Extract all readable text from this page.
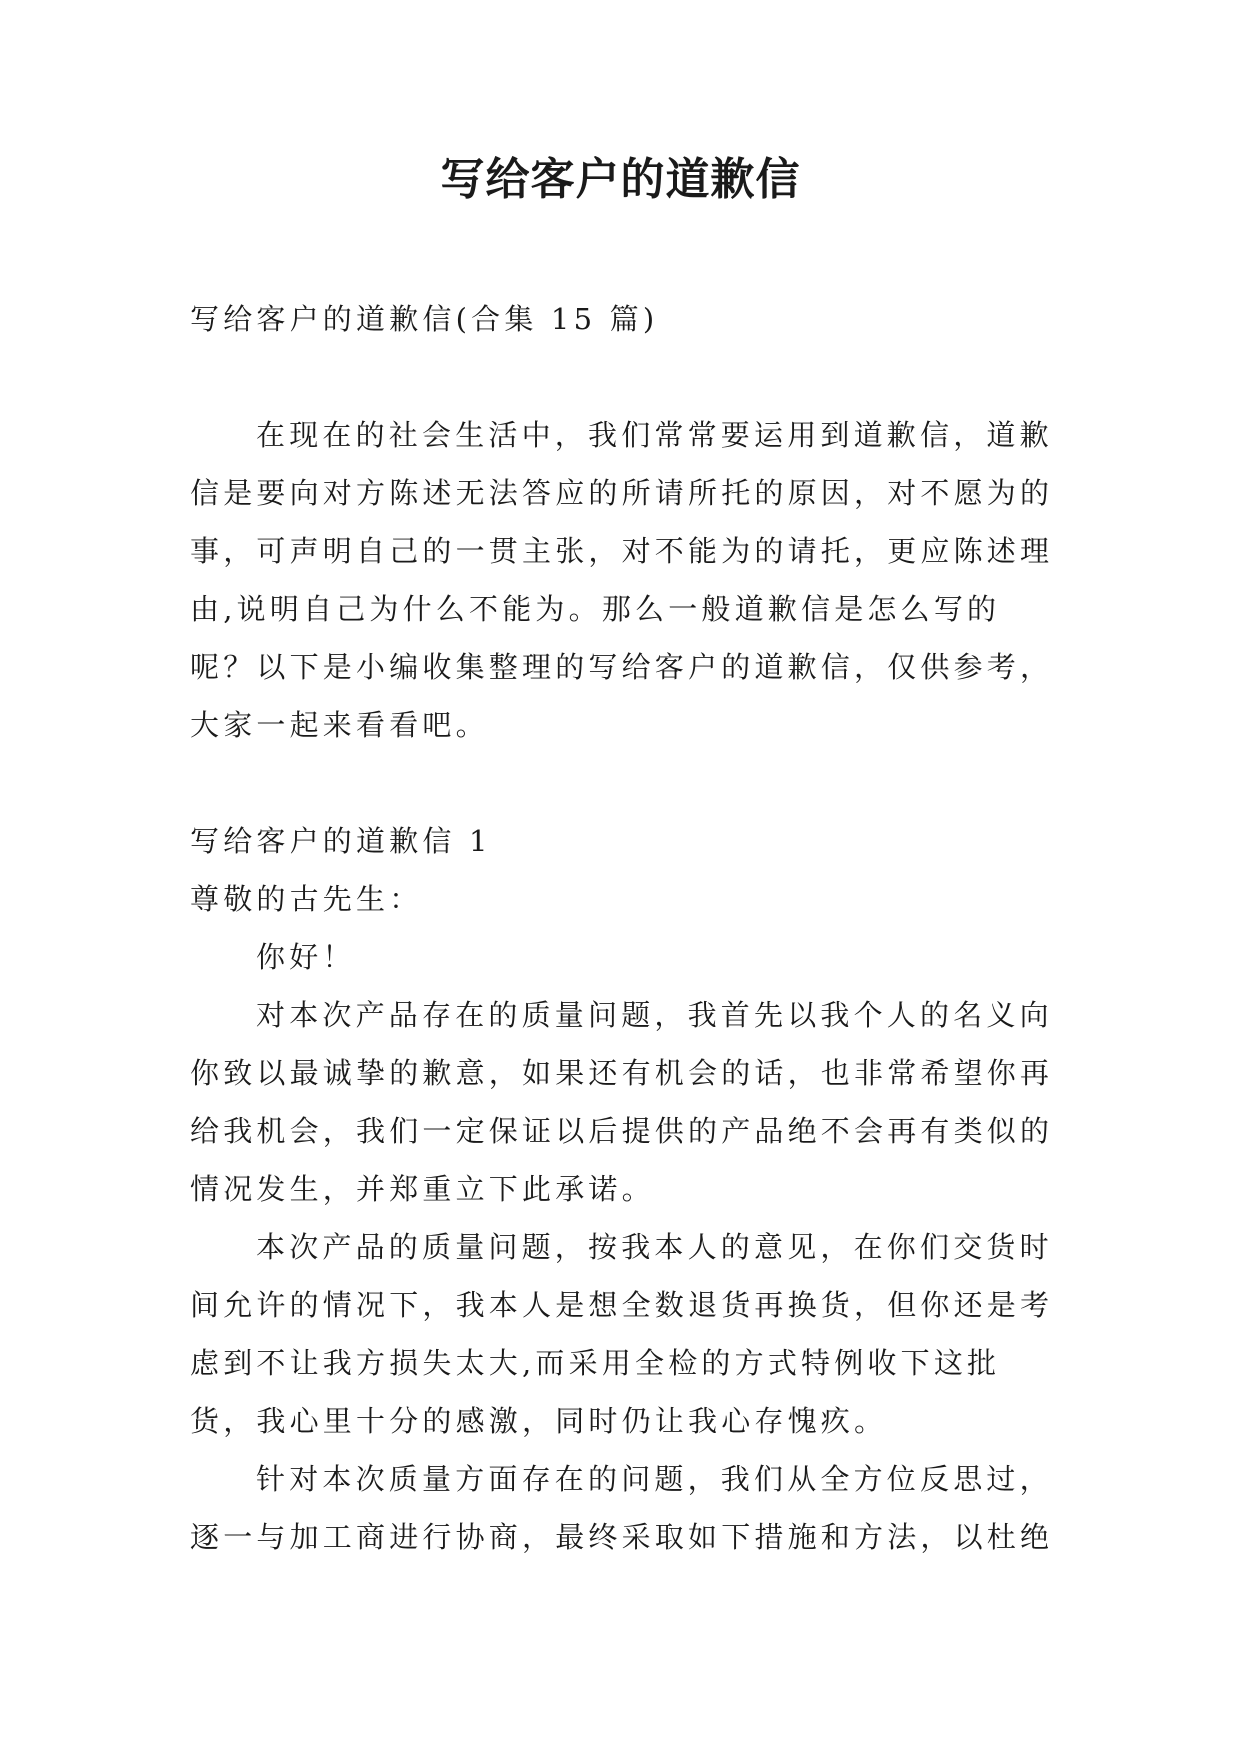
写给客户的道歉信

写给客户的道歉信(合集 15 篇)

在现在的社会生活中，我们常常要运用到道歉信，道歉信是要向对方陈述无法答应的所请所托的原因，对不愿为的事，可声明自己的一贯主张，对不能为的请托，更应陈述理由,说明自己为什么不能为。那么一般道歉信是怎么写的呢？以下是小编收集整理的写给客户的道歉信，仅供参考，大家一起来看看吧。

写给客户的道歉信 1

尊敬的古先生：

你好！

对本次产品存在的质量问题，我首先以我个人的名义向你致以最诚挚的歉意，如果还有机会的话，也非常希望你再给我机会，我们一定保证以后提供的产品绝不会再有类似的情况发生，并郑重立下此承诺。

本次产品的质量问题，按我本人的意见，在你们交货时间允许的情况下，我本人是想全数退货再换货，但你还是考虑到不让我方损失太大,而采用全检的方式特例收下这批货，我心里十分的感激，同时仍让我心存愧疚。

针对本次质量方面存在的问题，我们从全方位反思过，逐一与加工商进行协商，最终采取如下措施和方法，以杜绝
